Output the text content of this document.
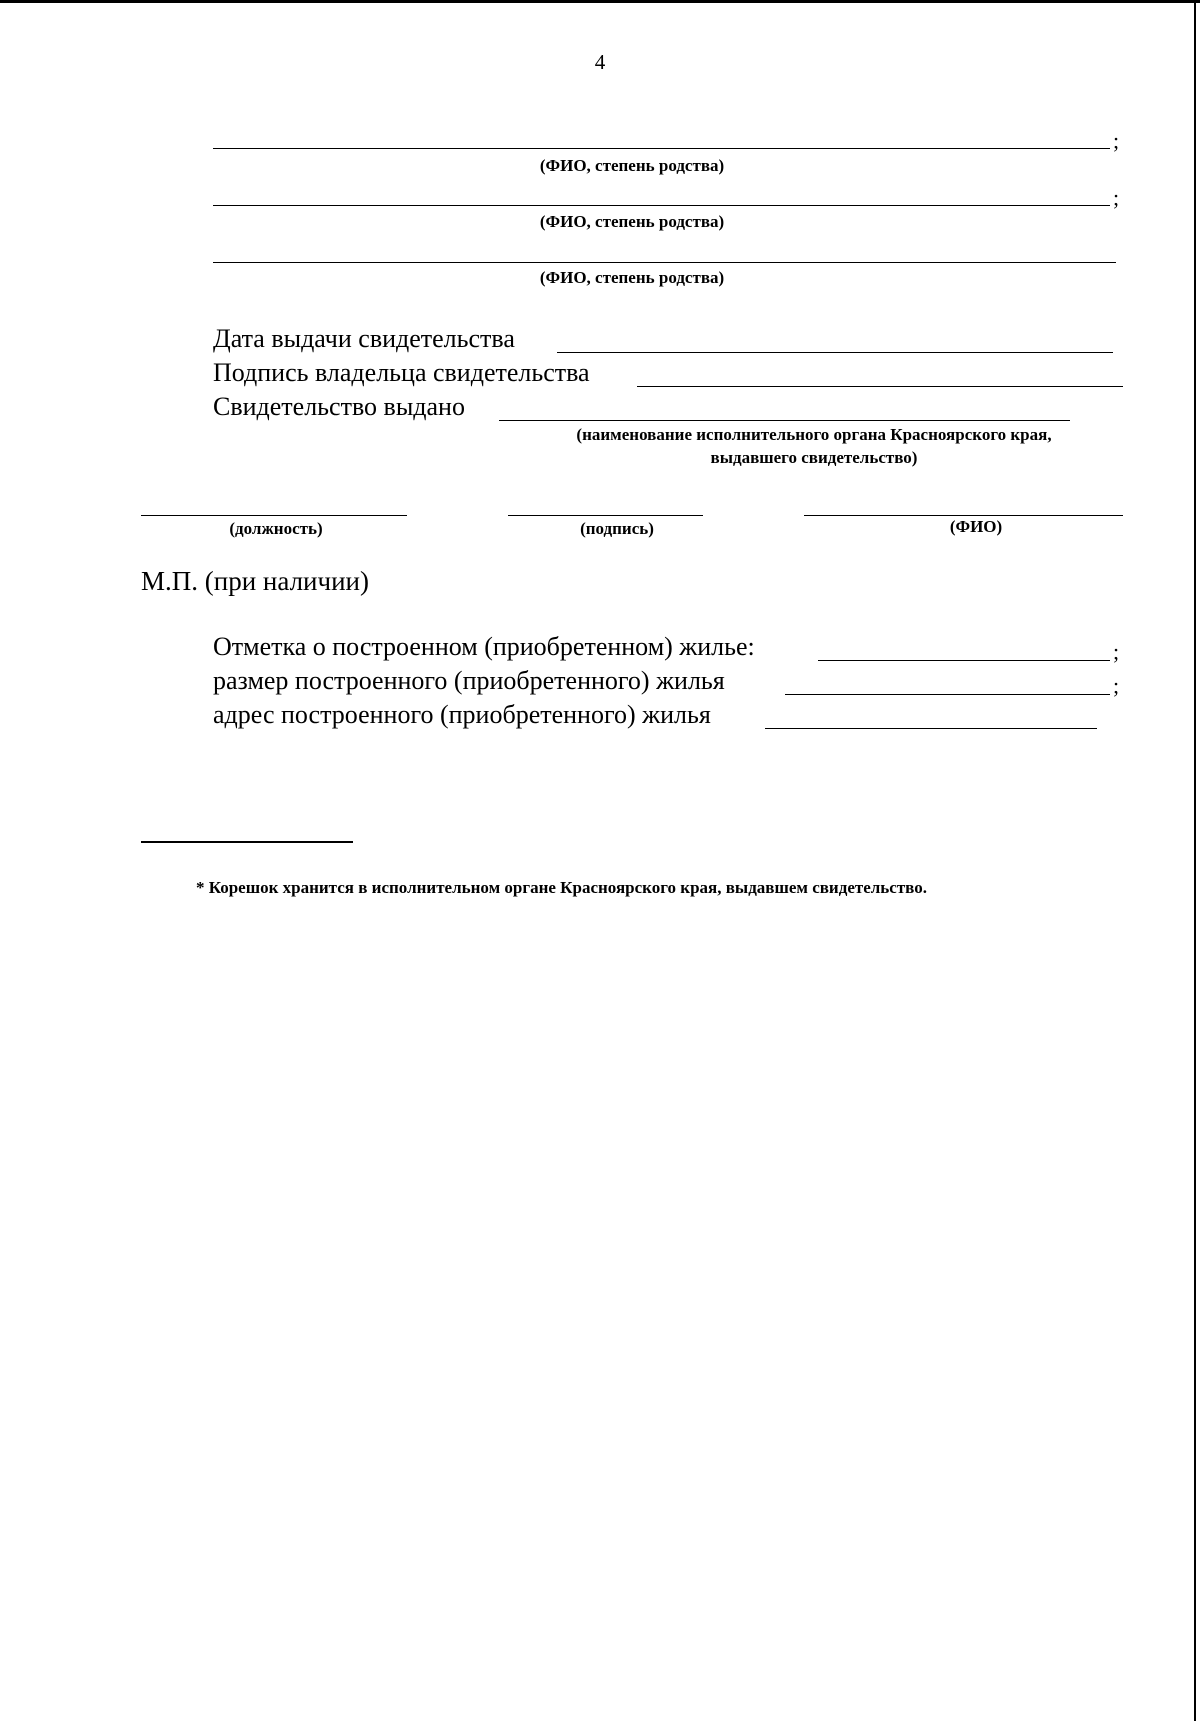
4
;
(ФИО, степень родства)
;
(ФИО, степень родства)
(ФИО, степень родства)
Дата выдачи свидетельства
Подпись владельца свидетельства
Свидетельство выдано
(наименование исполнительного органа Красноярского края,
выдавшего свидетельство)
(должность)	(подпись)	(ФИО)
М.П. (при наличии)
Отметка о построенном (приобретенном) жилье:	;
размер построенного (приобретенного) жилья	;
адрес построенного (приобретенного) жилья
* Корешок хранится в исполнительном органе Красноярского края, выдавшем свидетельство.
